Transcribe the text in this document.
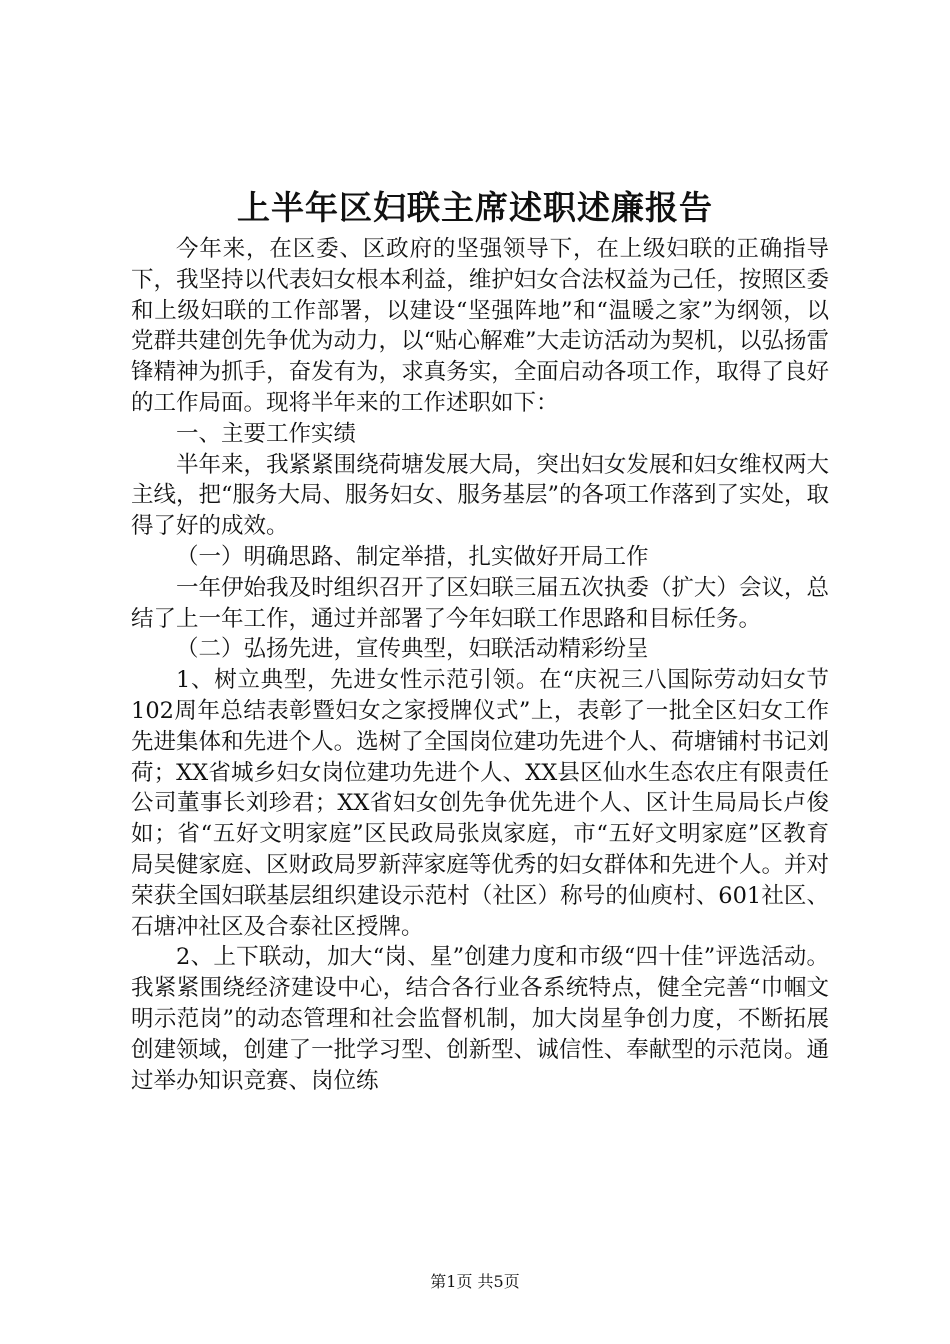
上半年区妇联主席述职述廉报告

今年来，在区委、区政府的坚强领导下，在上级妇联的正确指导下，我坚持以代表妇女根本利益，维护妇女合法权益为己任，按照区委和上级妇联的工作部署，以建设“坚强阵地”和“温暖之家”为纲领，以党群共建创先争优为动力，以“贴心解难”大走访活动为契机，以弘扬雷锋精神为抓手，奋发有为，求真务实，全面启动各项工作，取得了良好的工作局面。现将半年来的工作述职如下：

一、主要工作实绩

半年来，我紧紧围绕荷塘发展大局，突出妇女发展和妇女维权两大主线，把“服务大局、服务妇女、服务基层”的各项工作落到了实处，取得了好的成效。

（一）明确思路、制定举措，扎实做好开局工作

一年伊始我及时组织召开了区妇联三届五次执委（扩大）会议，总结了上一年工作，通过并部署了今年妇联工作思路和目标任务。

（二）弘扬先进，宣传典型，妇联活动精彩纷呈

1、树立典型，先进女性示范引领。在“庆祝三八国际劳动妇女节102周年总结表彰暨妇女之家授牌仪式”上，表彰了一批全区妇女工作先进集体和先进个人。选树了全国岗位建功先进个人、荷塘铺村书记刘荷；XX省城乡妇女岗位建功先进个人、XX县区仙水生态农庄有限责任公司董事长刘珍君；XX省妇女创先争优先进个人、区计生局局长卢俊如；省“五好文明家庭”区民政局张岚家庭，市“五好文明家庭”区教育局吴健家庭、区财政局罗新萍家庭等优秀的妇女群体和先进个人。并对荣获全国妇联基层组织建设示范村（社区）称号的仙庾村、601社区、石塘冲社区及合泰社区授牌。

2、上下联动，加大“岗、星”创建力度和市级“四十佳”评选活动。我紧紧围绕经济建设中心，结合各行业各系统特点，健全完善“巾帼文明示范岗”的动态管理和社会监督机制，加大岗星争创力度，不断拓展创建领域，创建了一批学习型、创新型、诚信性、奉献型的示范岗。通过举办知识竞赛、岗位练

第1页 共5页
